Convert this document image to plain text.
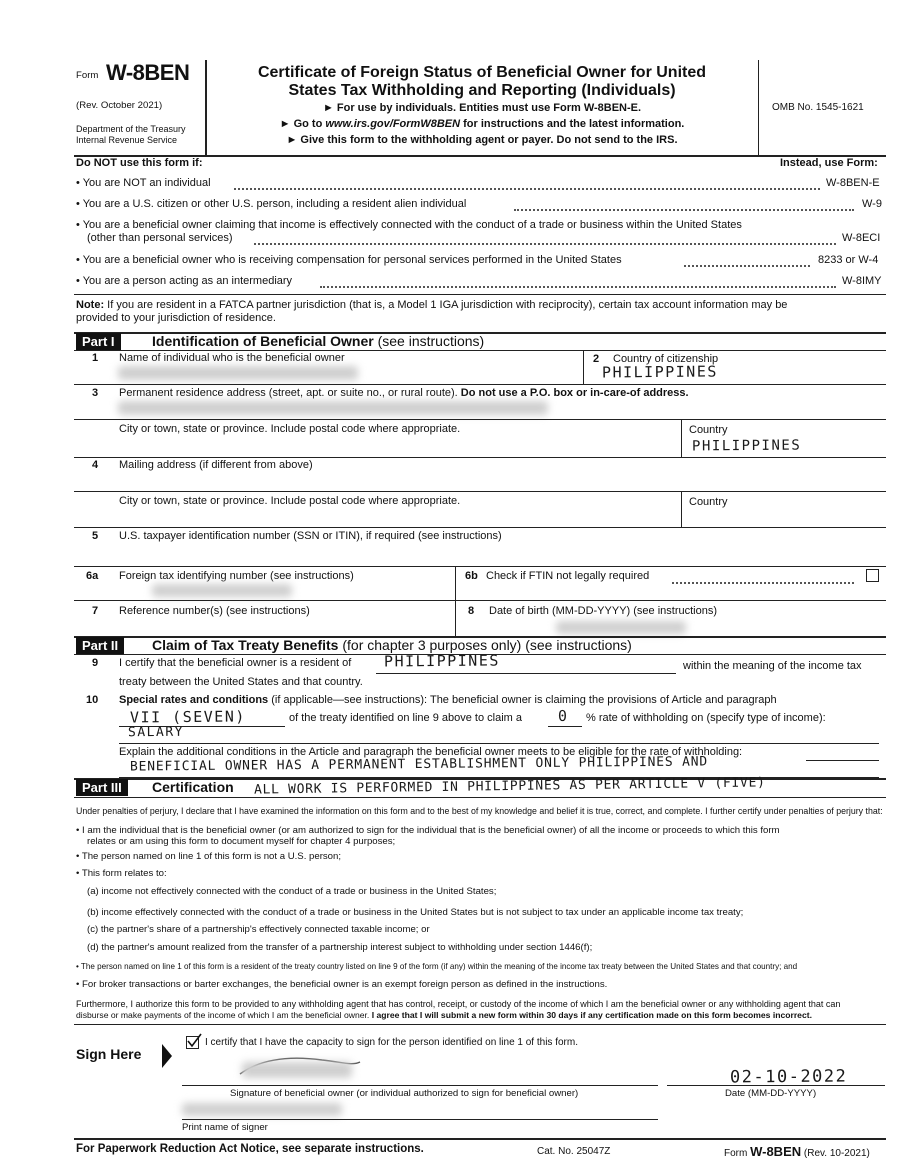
Form W-8BEN
(Rev. October 2021)
Department of the Treasury
Internal Revenue Service
Certificate of Foreign Status of Beneficial Owner for United
States Tax Withholding and Reporting (Individuals)
► For use by individuals. Entities must use Form W-8BEN-E.
► Go to www.irs.gov/FormW8BEN for instructions and the latest information.
► Give this form to the withholding agent or payer. Do not send to the IRS.
OMB No. 1545-1621
Do NOT use this form if:	Instead, use Form:
• You are NOT an individual	W-8BEN-E
• You are a U.S. citizen or other U.S. person, including a resident alien individual	W-9
• You are a beneficial owner claiming that income is effectively connected with the conduct of a trade or business within the United States
(other than personal services)	W-8ECI
• You are a beneficial owner who is receiving compensation for personal services performed in the United States	8233 or W-4
• You are a person acting as an intermediary	W-8IMY
Note: If you are resident in a FATCA partner jurisdiction (that is, a Model 1 IGA jurisdiction with reciprocity), certain tax account information may be
provided to your jurisdiction of residence.
Part I	Identification of Beneficial Owner (see instructions)
1 Name of individual who is the beneficial owner	2 Country of citizenship
PHILIPPINES
3 Permanent residence address (street, apt. or suite no., or rural route). Do not use a P.O. box or in-care-of address.
City or town, state or province. Include postal code where appropriate.	Country
PHILIPPINES
4 Mailing address (if different from above)
City or town, state or province. Include postal code where appropriate.	Country
5 U.S. taxpayer identification number (SSN or ITIN), if required (see instructions)
6a Foreign tax identifying number (see instructions)	6b Check if FTIN not legally required
7 Reference number(s) (see instructions)	8 Date of birth (MM-DD-YYYY) (see instructions)
Part II	Claim of Tax Treaty Benefits (for chapter 3 purposes only) (see instructions)
9 I certify that the beneficial owner is a resident of PHILIPPINES	within the meaning of the income tax
treaty between the United States and that country.
10 Special rates and conditions (if applicable—see instructions): The beneficial owner is claiming the provisions of Article and paragraph
VII (SEVEN)	of the treaty identified on line 9 above to claim a 0 % rate of withholding on (specify type of income):
SALARY
Explain the additional conditions in the Article and paragraph the beneficial owner meets to be eligible for the rate of withholding:
BENEFICIAL OWNER HAS A PERMANENT ESTABLISHMENT ONLY PHILIPPINES AND
Part III	Certification ALL WORK IS PERFORMED IN PHILIPPINES AS PER ARTICLE V (FIVE)
Under penalties of perjury, I declare that I have examined the information on this form and to the best of my knowledge and belief it is true, correct, and complete. I further certify under penalties of perjury that:
• I am the individual that is the beneficial owner (or am authorized to sign for the individual that is the beneficial owner) of all the income or proceeds to which this form
relates or am using this form to document myself for chapter 4 purposes;
• The person named on line 1 of this form is not a U.S. person;
• This form relates to:
(a) income not effectively connected with the conduct of a trade or business in the United States;
(b) income effectively connected with the conduct of a trade or business in the United States but is not subject to tax under an applicable income tax treaty;
(c) the partner's share of a partnership's effectively connected taxable income; or
(d) the partner's amount realized from the transfer of a partnership interest subject to withholding under section 1446(f);
• The person named on line 1 of this form is a resident of the treaty country listed on line 9 of the form (if any) within the meaning of the income tax treaty between the United States and that country; and
• For broker transactions or barter exchanges, the beneficial owner is an exempt foreign person as defined in the instructions.
Furthermore, I authorize this form to be provided to any withholding agent that has control, receipt, or custody of the income of which I am the beneficial owner or any withholding agent that can
disburse or make payments of the income of which I am the beneficial owner. I agree that I will submit a new form within 30 days if any certification made on this form becomes incorrect.
Sign Here
I certify that I have the capacity to sign for the person identified on line 1 of this form.
Signature of beneficial owner (or individual authorized to sign for beneficial owner)
02-10-2022
Date (MM-DD-YYYY)
Print name of signer
For Paperwork Reduction Act Notice, see separate instructions.	Cat. No. 25047Z	Form W-8BEN (Rev. 10-2021)
